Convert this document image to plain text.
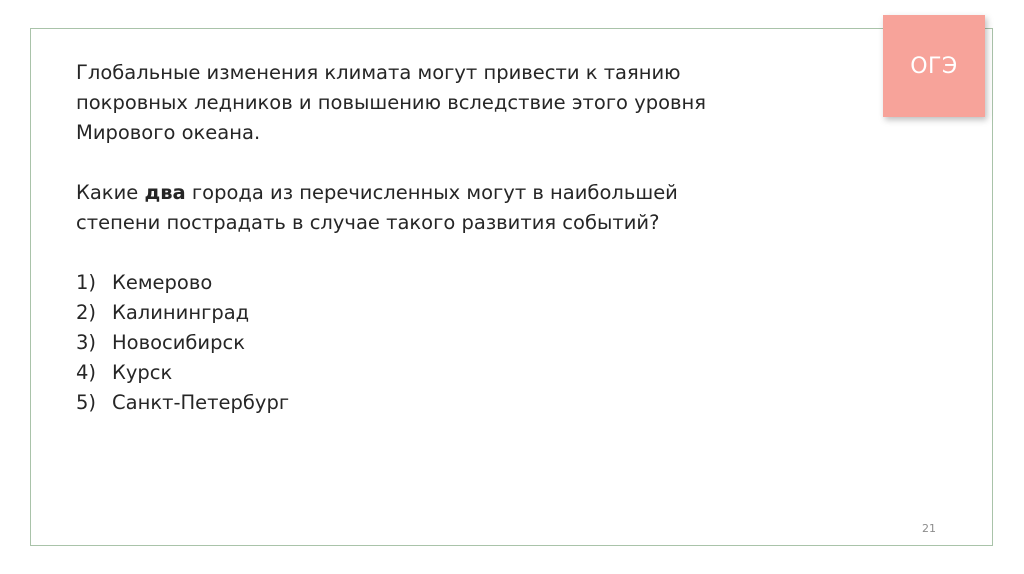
ОГЭ

Глобальные изменения климата могут привести к таянию

покровных ледников и повышению вследствие этого уровня

Мирового океана.

Какие два города из перечисленных могут в наибольшей

степени пострадать в случае такого развития событий?

1) Кемерово
2) Калининград
3) Новосибирск
4) Курск
5) Санкт-Петербург
21
